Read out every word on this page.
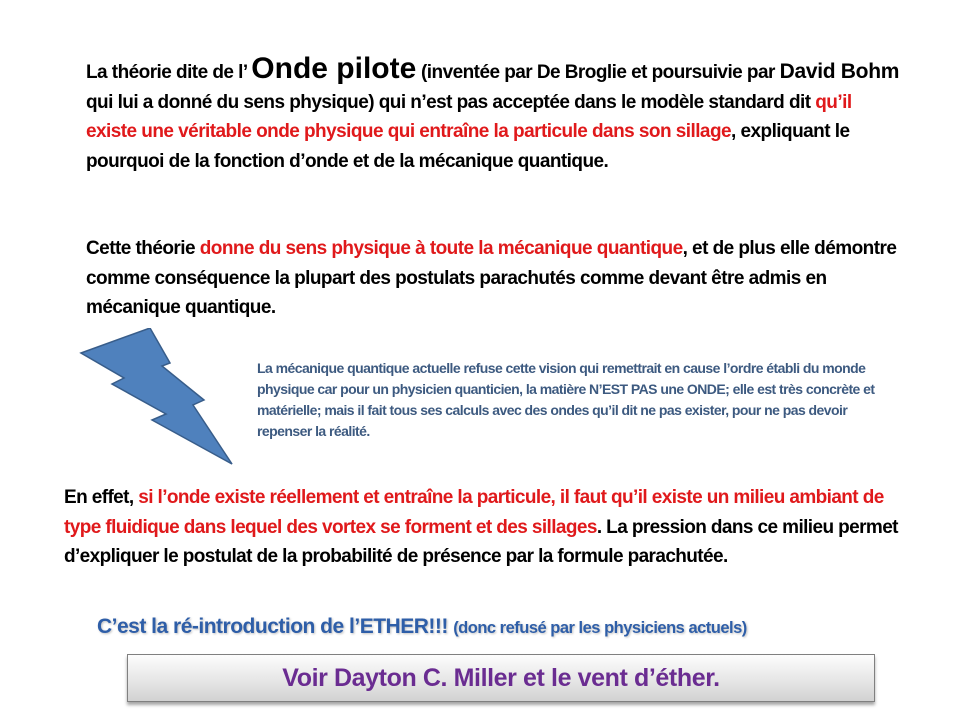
La théorie dite de l’ Onde pilote (inventée par De Broglie et poursuivie par David Bohm qui lui a donné du sens physique) qui n’est pas acceptée dans le modèle standard dit qu’il existe une véritable onde physique qui entraîne la particule dans son sillage, expliquant le pourquoi de la fonction d’onde et de la mécanique quantique.
Cette théorie donne du sens physique à toute la mécanique quantique, et de plus elle démontre comme conséquence la plupart des postulats parachutés comme devant être admis en mécanique quantique.
La mécanique quantique actuelle refuse cette vision qui remettrait en cause l’ordre établi du monde physique car pour un physicien quanticien, la matière N’EST PAS une ONDE; elle est très concrète et matérielle; mais il fait tous ses calculs avec des ondes qu’il dit ne pas exister, pour ne pas devoir repenser la réalité.
En effet, si l’onde existe réellement et entraîne la particule, il faut qu’il existe un milieu ambiant de type fluidique dans lequel des vortex se forment et des sillages. La pression dans ce milieu permet d’expliquer le postulat de la probabilité de présence par la formule parachutée.
C’est la ré-introduction de l’ETHER!!! (donc refusé par les physiciens actuels)
Voir Dayton C. Miller et le vent d’éther.
